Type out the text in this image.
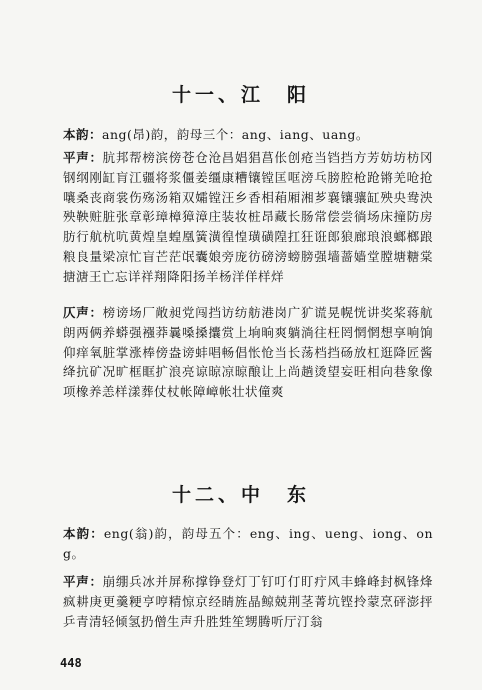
十一、江　阳

本韵：ang(昂)韵，韵母三个：ang、iang、uang。

平声：肮邦帮榜滨傍苍仓沧昌娼猖菖伥创疮当铛挡方芳妨坊枋冈钢纲刚缸肓江疆将浆僵姜缰康糟镶镗匡哐滂乓膀腔枪跄锵羌呛抢嚷桑丧商裳伤殇汤箱双孀镗汪乡香相葙厢湘芗襄镶骧缸殃央鸯泱殃鞅赃脏张章彰璋樟獐漳庄装妆桩昂藏长肠常偿尝徜场床撞防房肪行航杭吭黄煌皇蝗凰簧潢徨惶璜磺隍扛狂诳郎狼廊琅浪螂榔踉粮良量梁凉忙盲芒茫氓囊娘旁庞彷磅滂螃膀强墙蔷嫱堂膛塘糖棠搪溏王亡忘详祥翔降阳扬羊杨洋佯样烊

仄声：榜谤场厂敞昶党闯挡访纺舫港岗广犷谎晃幌恍讲奖桨蒋航朗两俩养蟒强襁莽曩嗓搡攮赏上垧晌爽躺淌往枉罔惘惘想享响饷仰痒氧脏掌涨棒傍盎谤蚌唱畅倡怅怆当长荡档挡砀放杠逛降匠酱绛抗矿况旷框眶扩浪亮谅晾凉晾酿让上尚趟烫望妄旺相向巷象像项橡养恙样漾葬仗杖帐障嶂帐壮状僮爽

十二、中　东

本韵：eng(翁)韵，韵母五个：eng、ing、ueng、iong、ong。

平声：崩绷兵冰并屏称撑铮登灯丁钉叮仃盯疔风丰蜂峰封枫锋烽疯耕庚更羹粳亨哼精惊京经睛旌晶鲸兢荆茎菁坑铿拎蒙烹砰澎抨乒青清轻倾氢扔僧生声升胜甡笙甥腾听厅汀翁

448
